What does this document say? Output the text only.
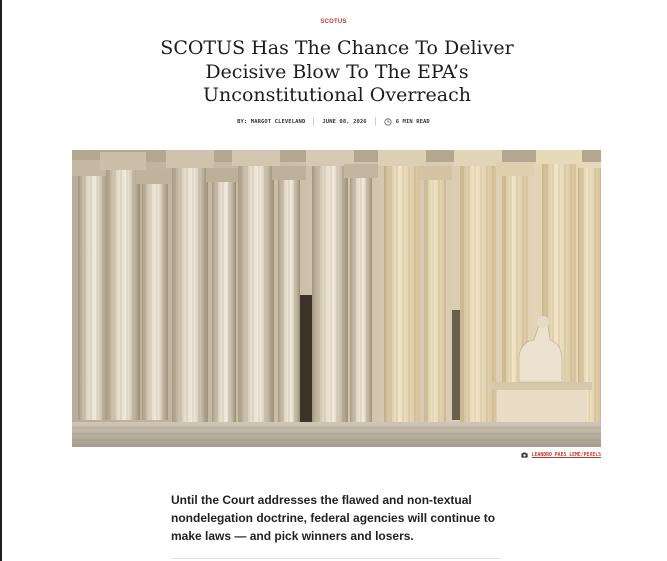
SCOTUS
SCOTUS Has The Chance To Deliver Decisive Blow To The EPA’s Unconstitutional Overreach
BY: MARGOT CLEVELAND	JUNE 08, 2026	6 MIN READ
LEANDRO PAES LEME/PEXELS

Until the Court addresses the flawed and non-textual nondelegation doctrine, federal agencies will continue to make laws — and pick winners and losers.
